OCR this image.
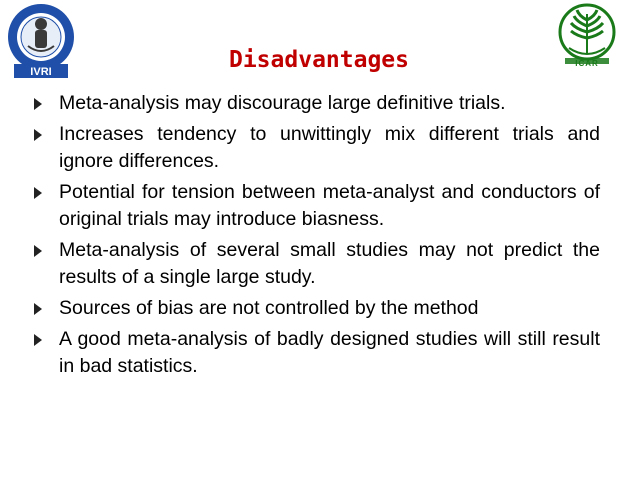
IVRI
ICAR
Disadvantages
Meta-analysis may discourage large definitive trials.
Increases tendency to unwittingly mix different trials and ignore differences.
Potential for tension between meta-analyst and conductors of original trials may introduce biasness.
Meta-analysis of several small studies may not predict the results of a single large study.
Sources of bias are not controlled by the method
A good meta-analysis of badly designed studies will still result in bad statistics.
